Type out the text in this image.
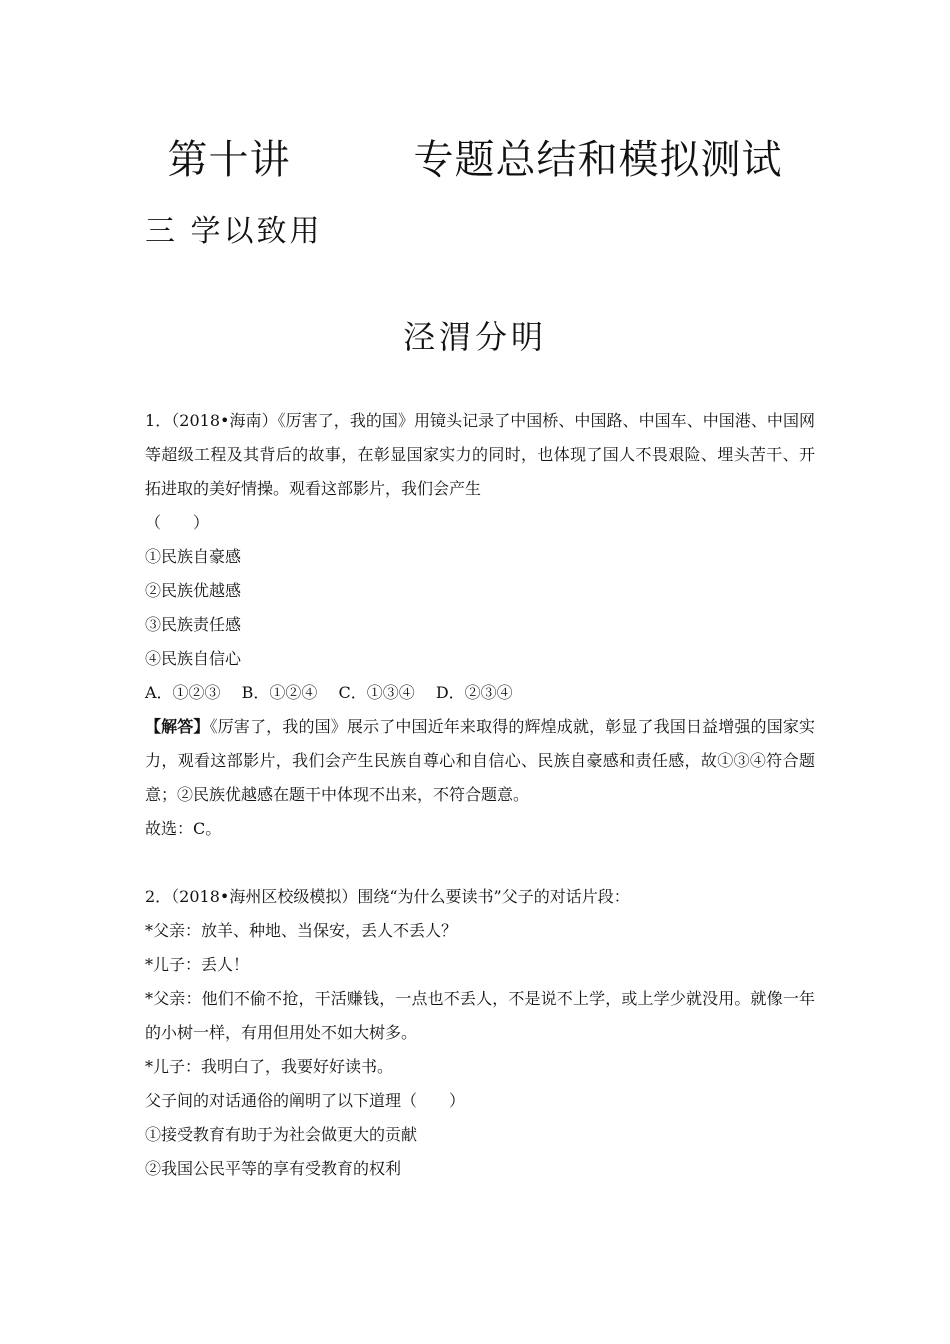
第十讲　　　专题总结和模拟测试
三 学以致用
泾渭分明

1．（2018•海南）《厉害了，我的国》用镜头记录了中国桥、中国路、中国车、中国港、中国网等超级工程及其背后的故事，在彰显国家实力的同时，也体现了国人不畏艰险、埋头苦干、开拓进取的美好情操。观看这部影片，我们会产生

（　　）

①民族自豪感

②民族优越感

③民族责任感

④民族自信心

A．①②③　 B．①②④　 C．①③④　 D．②③④

【解答】《厉害了，我的国》展示了中国近年来取得的辉煌成就，彰显了我国日益增强的国家实力，观看这部影片，我们会产生民族自尊心和自信心、民族自豪感和责任感，故①③④符合题意；②民族优越感在题干中体现不出来，不符合题意。

故选：C。

2．（2018•海州区校级模拟）围绕“为什么要读书”父子的对话片段：

*父亲：放羊、种地、当保安，丢人不丢人？

*儿子：丢人！

*父亲：他们不偷不抢，干活赚钱，一点也不丢人，不是说不上学，或上学少就没用。就像一年的小树一样，有用但用处不如大树多。

*儿子：我明白了，我要好好读书。

父子间的对话通俗的阐明了以下道理（　　）

①接受教育有助于为社会做更大的贡献

②我国公民平等的享有受教育的权利
